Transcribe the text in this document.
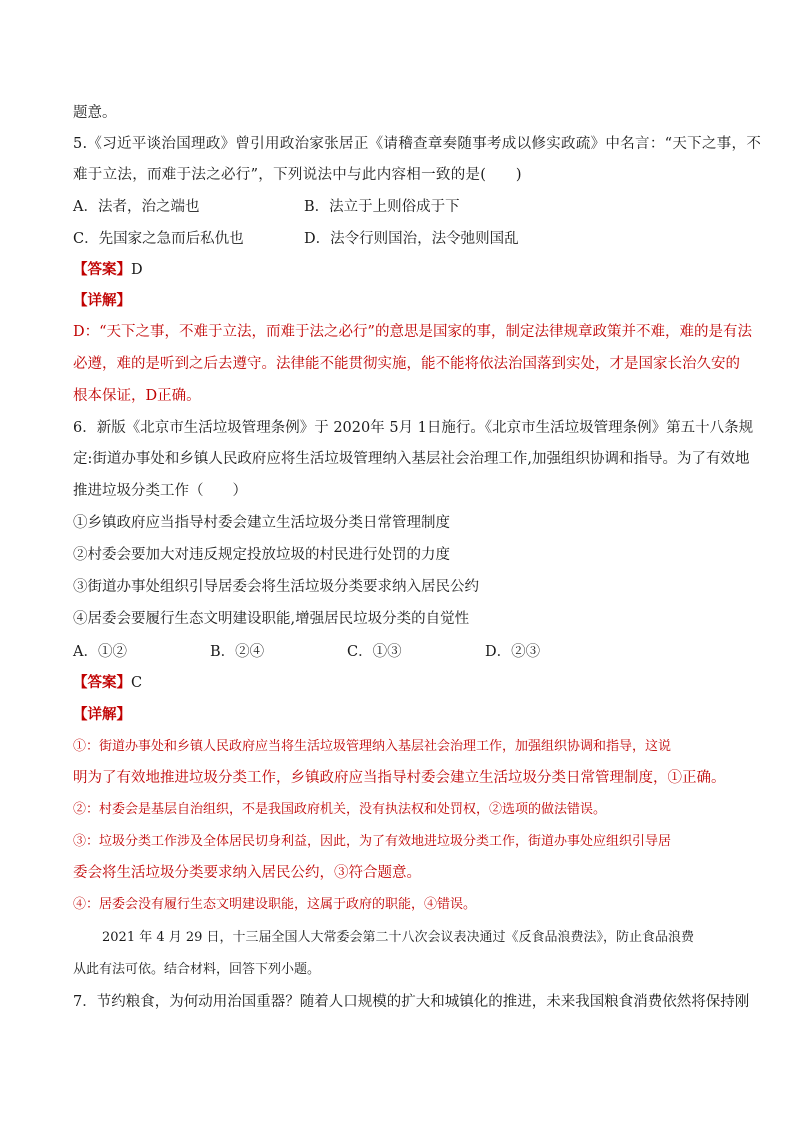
题意。
5.《习近平谈治国理政》曾引用政治家张居正《请稽查章奏随事考成以修实政疏》中名言：“天下之事，不
难于立法，而难于法之必行”，下列说法中与此内容相一致的是(　　)
A．法者，治之端也	B．法立于上则俗成于下
C．先国家之急而后私仇也	D．法令行则国治，法令弛则国乱
【答案】D
【详解】
D：“天下之事，不难于立法，而难于法之必行”的意思是国家的事，制定法律规章政策并不难，难的是有法
必遵，难的是听到之后去遵守。法律能不能贯彻实施，能不能将依法治国落到实处，才是国家长治久安的
根本保证，D正确。
6．新版《北京市生活垃圾管理条例》于 2020年 5月 1日施行。《北京市生活垃圾管理条例》第五十八条规
定:街道办事处和乡镇人民政府应将生活垃圾管理纳入基层社会治理工作,加强组织协调和指导。为了有效地
推进垃圾分类工作（　　）
①乡镇政府应当指导村委会建立生活垃圾分类日常管理制度
②村委会要加大对违反规定投放垃圾的村民进行处罚的力度
③街道办事处组织引导居委会将生活垃圾分类要求纳入居民公约
④居委会要履行生态文明建设职能,增强居民垃圾分类的自觉性
A．①②	B．②④	C．①③	D．②③
【答案】C
【详解】
①：街道办事处和乡镇人民政府应当将生活垃圾管理纳入基层社会治理工作，加强组织协调和指导，这说
明为了有效地推进垃圾分类工作，乡镇政府应当指导村委会建立生活垃圾分类日常管理制度，①正确。
②：村委会是基层自治组织，不是我国政府机关，没有执法权和处罚权，②选项的做法错误。
③：垃圾分类工作涉及全体居民切身利益，因此，为了有效地进垃圾分类工作，街道办事处应组织引导居
委会将生活垃圾分类要求纳入居民公约，③符合题意。
④：居委会没有履行生态文明建设职能，这属于政府的职能，④错误。
2021 年 4 月 29 日，十三届全国人大常委会第二十八次会议表决通过《反食品浪费法》，防止食品浪费
从此有法可依。结合材料，回答下列小题。
7．节约粮食，为何动用治国重器？随着人口规模的扩大和城镇化的推进，未来我国粮食消费依然将保持刚
